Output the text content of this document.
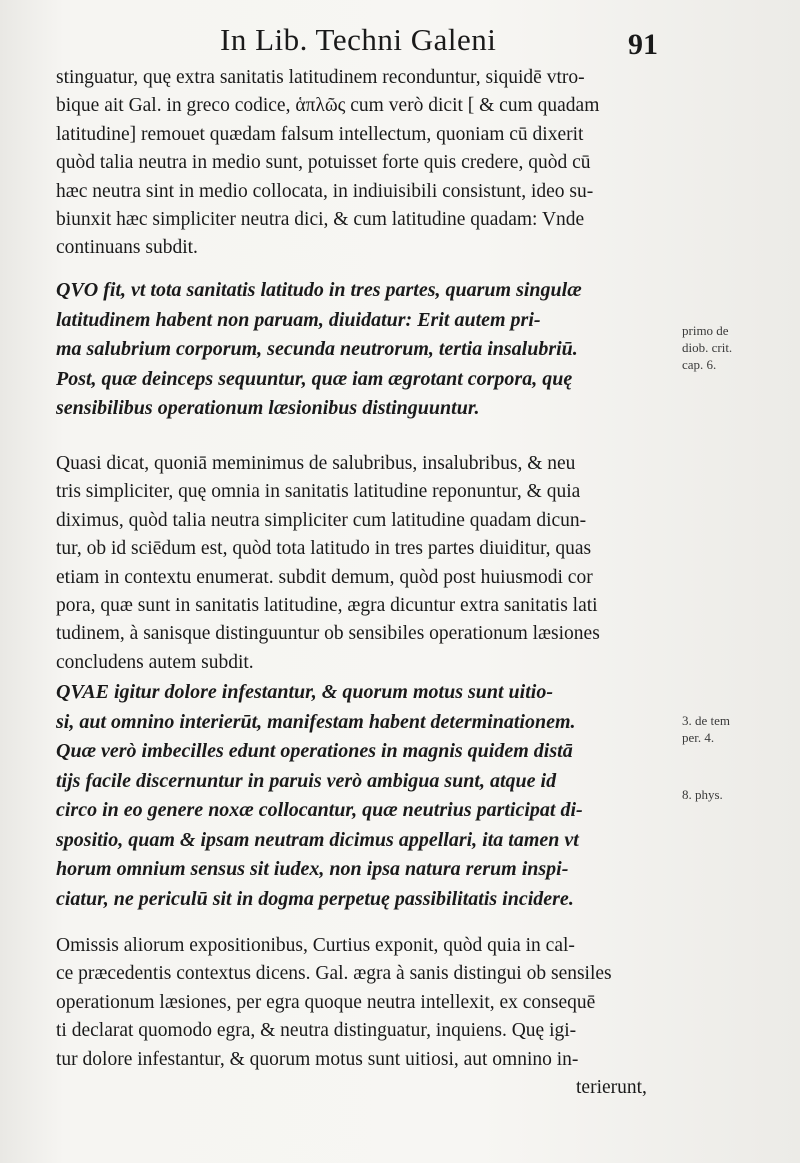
In Lib. Techni Galeni	91
stinguatur, quę extra sanitatis latitudinem reconduntur, siquidē vtro-
bique ait Gal. in greco codice, ἁπλῶς cum verò dicit [ & cum quadam
latitudine] remouet quædam falsum intellectum, quoniam cū dixerit
quòd talia neutra in medio sunt, potuisset forte quis credere, quòd cū
hæc neutra sint in medio collocata, in indiuisibili consistunt, ideo su-
biunxit hæc simpliciter neutra dici, & cum latitudine quadam: Vnde
continuans subdit.
QVO fit, vt tota sanitatis latitudo in tres partes, quarum singulæ
latitudinem habent non paruam, diuidatur: Erit autem pri-
ma salubrium corporum, secunda neutrorum, tertia insalubriū.
Post, quæ deinceps sequuntur, quæ iam ægrotant corpora, quę
sensibilibus operationum læsionibus distinguuntur.
Quasi dicat, quoniā meminimus de salubribus, insalubribus, & neu
tris simpliciter, quę omnia in sanitatis latitudine reponuntur, & quia
diximus, quòd talia neutra simpliciter cum latitudine quadam dicun-
tur, ob id sciēdum est, quòd tota latitudo in tres partes diuiditur, quas
etiam in contextu enumerat. subdit demum, quòd post huiusmodi cor
pora, quæ sunt in sanitatis latitudine, ægra dicuntur extra sanitatis lati
tudinem, à sanisque distinguuntur ob sensibiles operationum læsiones
concludens autem subdit.
QVAE igitur dolore infestantur, & quorum motus sunt uitio-
si, aut omnino interierūt, manifestam habent determinationem.
Quæ verò imbecilles edunt operationes in magnis quidem distā
tijs facile discernuntur in paruis verò ambigua sunt, atque id
circo in eo genere noxæ collocantur, quæ neutrius participat di-
spositio, quam & ipsam neutram dicimus appellari, ita tamen vt
horum omnium sensus sit iudex, non ipsa natura rerum inspi-
ciatur, ne periculū sit in dogma perpetuę passibilitatis incidere.
Omissis aliorum expositionibus, Curtius exponit, quòd quia in cal-
ce præcedentis contextus dicens. Gal. ægra à sanis distingui ob sensiles
operationum læsiones, per egra quoque neutra intellexit, ex consequē
ti declarat quomodo egra, & neutra distinguatur, inquiens. Quę igi-
tur dolore infestantur, & quorum motus sunt uitiosi, aut omnino in-
terierunt,
primo de
diob. crit.
cap. 6.
3. de tem
per. 4.
8. phys.
